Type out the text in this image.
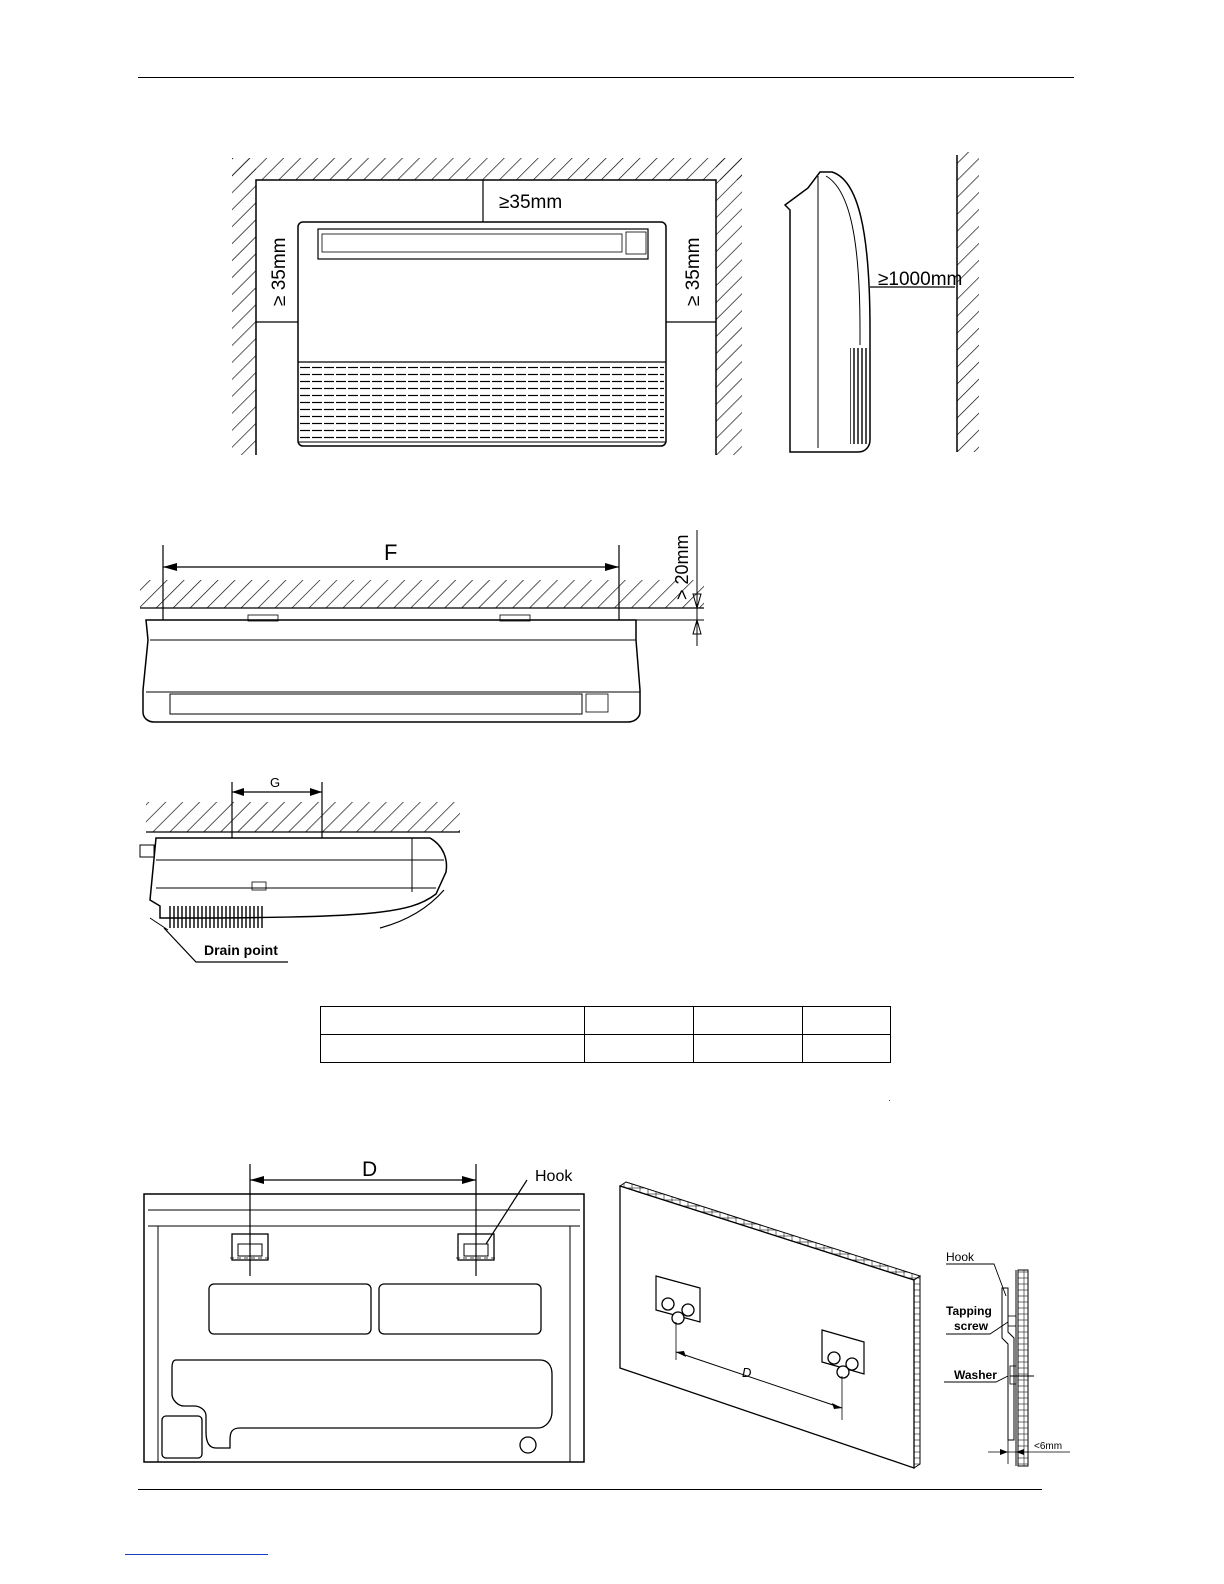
≥35mm
≥ 35mm	≥ 35mm	≥1000mm
F	> 20mm
G
Drain point
D	Hook
D
Hook
Tapping
screw
Washer
<6mm
